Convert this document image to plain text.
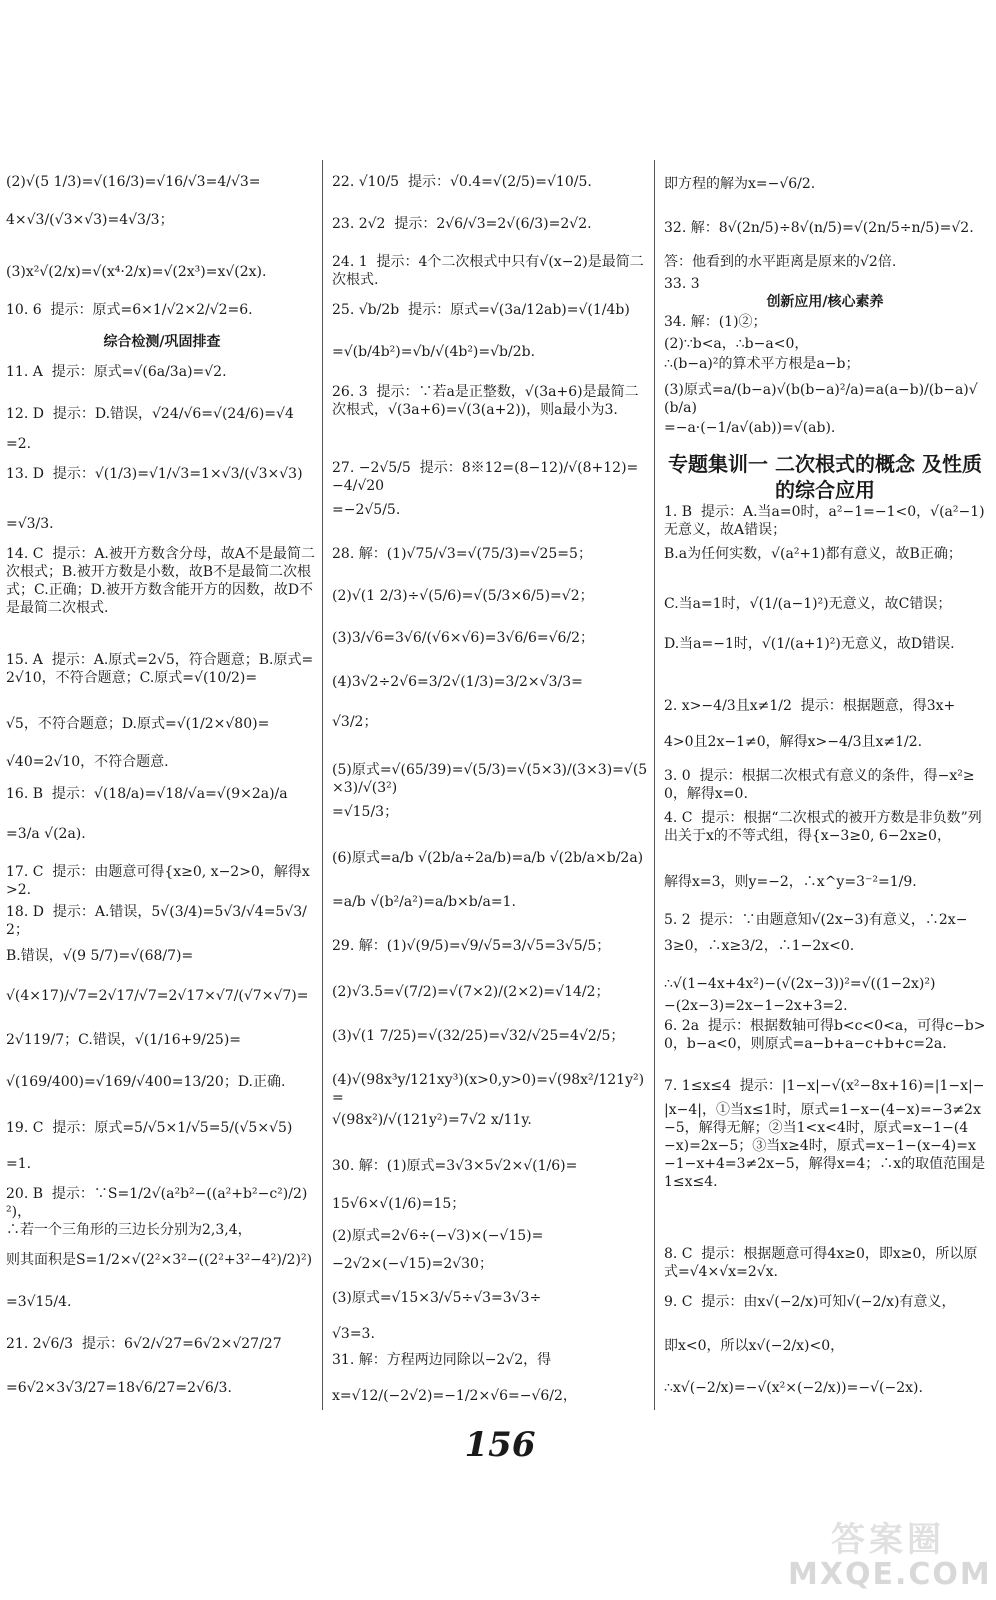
(2)√(5 1/3)=√(16/3)=√16/√3=4/√3=
4×√3/(√3×√3)=4√3/3；
(3)x²√(2/x)=√(x⁴·2/x)=√(2x³)=x√(2x).
10. 6  提示：原式=6×1/√2×2/√2=6.
综合检测/巩固排查
11. A  提示：原式=√(6a/3a)=√2.
12. D  提示：D.错误，√24/√6=√(24/6)=√4
=2.
13. D  提示：√(1/3)=√1/√3=1×√3/(√3×√3)
=√3/3.
14. C  提示：A.被开方数含分母，故A不是最简二次根式；B.被开方数是小数，故B不是最简二次根式；C.正确；D.被开方数含能开方的因数，故D不是最简二次根式.
15. A  提示：A.原式=2√5，符合题意；B.原式=2√10，不符合题意；C.原式=√(10/2)=
√5，不符合题意；D.原式=√(1/2×√80)=
√40=2√10，不符合题意.
16. B  提示：√(18/a)=√18/√a=√(9×2a)/a
=3/a √(2a).
17. C  提示：由题意可得{x≥0, x−2>0，解得x>2.
18. D  提示：A.错误，5√(3/4)=5√3/√4=5√3/2；
B.错误，√(9 5/7)=√(68/7)=
√(4×17)/√7=2√17/√7=2√17×√7/(√7×√7)=
2√119/7；C.错误，√(1/16+9/25)=
√(169/400)=√169/√400=13/20；D.正确.
19. C  提示：原式=5/√5×1/√5=5/(√5×√5)
=1.
20. B  提示：∵S=1/2√(a²b²−((a²+b²−c²)/2)²)，
∴若一个三角形的三边长分别为2,3,4，
则其面积是S=1/2×√(2²×3²−((2²+3²−4²)/2)²)
=3√15/4.
21. 2√6/3  提示：6√2/√27=6√2×√27/27
=6√2×3√3/27=18√6/27=2√6/3.
22. √10/5  提示：√0.4=√(2/5)=√10/5.
23. 2√2  提示：2√6/√3=2√(6/3)=2√2.
24. 1  提示：4个二次根式中只有√(x−2)是最简二次根式.
25. √b/2b  提示：原式=√(3a/12ab)=√(1/4b)
=√(b/4b²)=√b/√(4b²)=√b/2b.
26. 3  提示：∵若a是正整数，√(3a+6)是最简二次根式，√(3a+6)=√(3(a+2))，则a最小为3.
27. −2√5/5  提示：8※12=(8−12)/√(8+12)=−4/√20
=−2√5/5.
28. 解：(1)√75/√3=√(75/3)=√25=5；
(2)√(1 2/3)÷√(5/6)=√(5/3×6/5)=√2；
(3)3/√6=3√6/(√6×√6)=3√6/6=√6/2；
(4)3√2÷2√6=3/2√(1/3)=3/2×√3/3=
√3/2；
(5)原式=√(65/39)=√(5/3)=√(5×3)/(3×3)=√(5×3)/√(3²)
=√15/3；
(6)原式=a/b √(2b/a÷2a/b)=a/b √(2b/a×b/2a)
=a/b √(b²/a²)=a/b×b/a=1.
29. 解：(1)√(9/5)=√9/√5=3/√5=3√5/5；
(2)√3.5=√(7/2)=√(7×2)/(2×2)=√14/2；
(3)√(1 7/25)=√(32/25)=√32/√25=4√2/5；
(4)√(98x³y/121xy³)(x>0,y>0)=√(98x²/121y²)=
√(98x²)/√(121y²)=7√2 x/11y.
30. 解：(1)原式=3√3×5√2×√(1/6)=
15√6×√(1/6)=15；
(2)原式=2√6÷(−√3)×(−√15)=
−2√2×(−√15)=2√30；
(3)原式=√15×3/√5÷√3=3√3÷
√3=3.
31. 解：方程两边同除以−2√2，得
x=√12/(−2√2)=−1/2×√6=−√6/2，
即方程的解为x=−√6/2.
32. 解：8√(2n/5)÷8√(n/5)=√(2n/5÷n/5)=√2.
答：他看到的水平距离是原来的√2倍.
33. 3
创新应用/核心素养
34. 解：(1)②；
(2)∵b<a，∴b−a<0，
∴(b−a)²的算术平方根是a−b；
(3)原式=a/(b−a)√(b(b−a)²/a)=a(a−b)/(b−a)√(b/a)
=−a·(−1/a√(ab))=√(ab).
专题集训一 二次根式的概念 及性质的综合应用
1. B  提示：A.当a=0时，a²−1=−1<0，√(a²−1)无意义，故A错误；
B.a为任何实数，√(a²+1)都有意义，故B正确；
C.当a=1时，√(1/(a−1)²)无意义，故C错误；
D.当a=−1时，√(1/(a+1)²)无意义，故D错误.
2. x>−4/3且x≠1/2  提示：根据题意，得3x+
4>0且2x−1≠0，解得x>−4/3且x≠1/2.
3. 0  提示：根据二次根式有意义的条件，得−x²≥0，解得x=0.
4. C  提示：根据“二次根式的被开方数是非负数”列出关于x的不等式组，得{x−3≥0, 6−2x≥0，
解得x=3，则y=−2，∴x^y=3⁻²=1/9.
5. 2  提示：∵由题意知√(2x−3)有意义，∴2x−
3≥0，∴x≥3/2，∴1−2x<0.
∴√(1−4x+4x²)−(√(2x−3))²=√((1−2x)²)
−(2x−3)=2x−1−2x+3=2.
6. 2a  提示：根据数轴可得b<c<0<a，可得c−b>0，b−a<0，则原式=a−b+a−c+b+c=2a.
7. 1≤x≤4  提示：|1−x|−√(x²−8x+16)=|1−x|−
|x−4|，①当x≤1时，原式=1−x−(4−x)=−3≠2x−5，解得无解；②当1<x<4时，原式=x−1−(4−x)=2x−5；③当x≥4时，原式=x−1−(x−4)=x−1−x+4=3≠2x−5，解得x=4；∴x的取值范围是1≤x≤4.
8. C  提示：根据题意可得4x≥0，即x≥0，所以原式=√4×√x=2√x.
9. C  提示：由x√(−2/x)可知√(−2/x)有意义，
即x<0，所以x√(−2/x)<0，
∴x√(−2/x)=−√(x²×(−2/x))=−√(−2x).
156
答案圈
MXQE.COM
